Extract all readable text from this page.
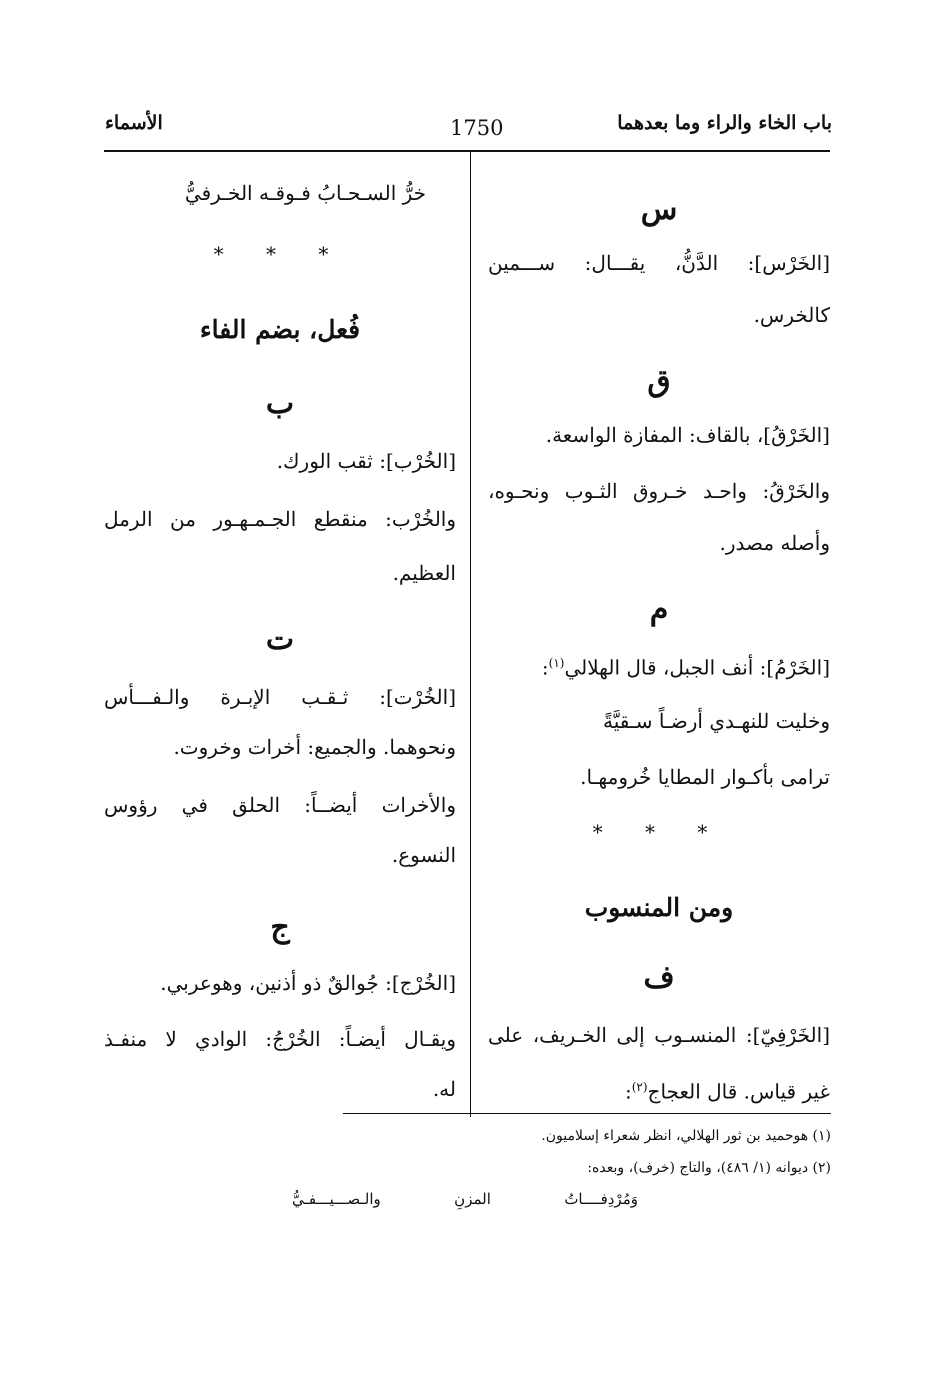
باب الخاء والراء وما بعدهما
1750
الأسماء
س
[الخَرْس]: الدَّنُّ، يقـــال: ســـمين
كالخرس.
ق
[الخَرْقُ]، بالقاف: المفازة الواسعة.
والخَرْقُ: واحـد خـروق الثـوب ونحـوه،
وأصله مصدر.
م
[الخَرْمُ]: أنف الجبل، قال الهلالي$^{(١)}$:
وخليت للنهـدي أرضـاً سـقيَّةً
ترامى بأكـوار المطايا خُرومهـا.
* * *
ومن المنسوب
ف
[الخَرْفِيّ]: المنسـوب إلى الخـريف، على
غير قياس. قال العجاج$^{(٢)}$:
خرُّ السـحـابُ فـوقـه الخـرفيُّ
* * *
فُعل، بضم الفاء
ب
[الخُرْب]: ثقب الورك.
والخُرْب: منقطع الجـمـهـور من الرمل
العظيم.
ت
[الخُرْت]: ثـقـب الإبـرة والـفـــأس
ونحوهما. والجميع: أخرات وخروت.
والأخرات أيضــاً: الحلق في رؤوس
النسوع.
ج
[الخُرْج]: جُوالقٌ ذو أذنين، وهوعربي.
ويقـال أيضـاً: الخُرْجُ: الوادي لا منفـذ
له.
(١) هوحميد بن ثور الهلالي، انظر شعراء إسلاميون.
(٢) ديوانه (١/ ٤٨٦)، والتاج (خرف)، وبعده:
وَمُرْدِفــــاتُ المزنِ والـصـــيـــفـيُّ
